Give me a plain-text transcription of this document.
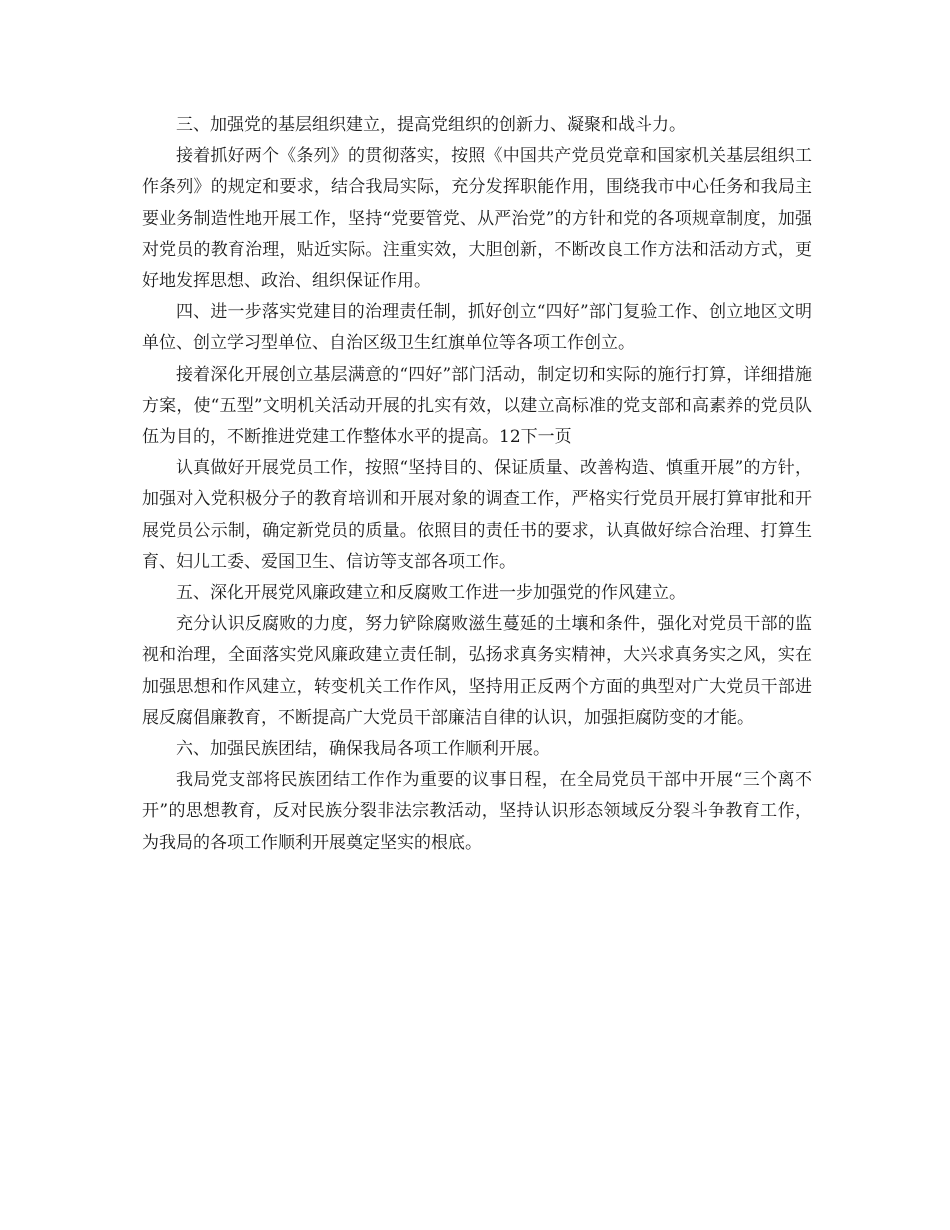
三、加强党的基层组织建立，提高党组织的创新力、凝聚和战斗力。

接着抓好两个《条列》的贯彻落实，按照《中国共产党员党章和国家机关基层组织工作条列》的规定和要求，结合我局实际，充分发挥职能作用，围绕我市中心任务和我局主要业务制造性地开展工作，坚持“党要管党、从严治党”的方针和党的各项规章制度，加强对党员的教育治理，贴近实际。注重实效，大胆创新，不断改良工作方法和活动方式，更好地发挥思想、政治、组织保证作用。

四、进一步落实党建目的治理责任制，抓好创立“四好”部门复验工作、创立地区文明单位、创立学习型单位、自治区级卫生红旗单位等各项工作创立。

接着深化开展创立基层满意的“四好”部门活动，制定切和实际的施行打算，详细措施方案，使“五型”文明机关活动开展的扎实有效，以建立高标准的党支部和高素养的党员队伍为目的，不断推进党建工作整体水平的提高。12下一页

认真做好开展党员工作，按照“坚持目的、保证质量、改善构造、慎重开展”的方针，加强对入党积极分子的教育培训和开展对象的调查工作，严格实行党员开展打算审批和开展党员公示制，确定新党员的质量。依照目的责任书的要求，认真做好综合治理、打算生育、妇儿工委、爱国卫生、信访等支部各项工作。

五、深化开展党风廉政建立和反腐败工作进一步加强党的作风建立。

充分认识反腐败的力度，努力铲除腐败滋生蔓延的土壤和条件，强化对党员干部的监视和治理，全面落实党风廉政建立责任制，弘扬求真务实精神，大兴求真务实之风，实在加强思想和作风建立，转变机关工作作风，坚持用正反两个方面的典型对广大党员干部进展反腐倡廉教育，不断提高广大党员干部廉洁自律的认识，加强拒腐防变的才能。

六、加强民族团结，确保我局各项工作顺利开展。

我局党支部将民族团结工作作为重要的议事日程，在全局党员干部中开展“三个离不开”的思想教育，反对民族分裂非法宗教活动，坚持认识形态领域反分裂斗争教育工作，为我局的各项工作顺利开展奠定坚实的根底。
